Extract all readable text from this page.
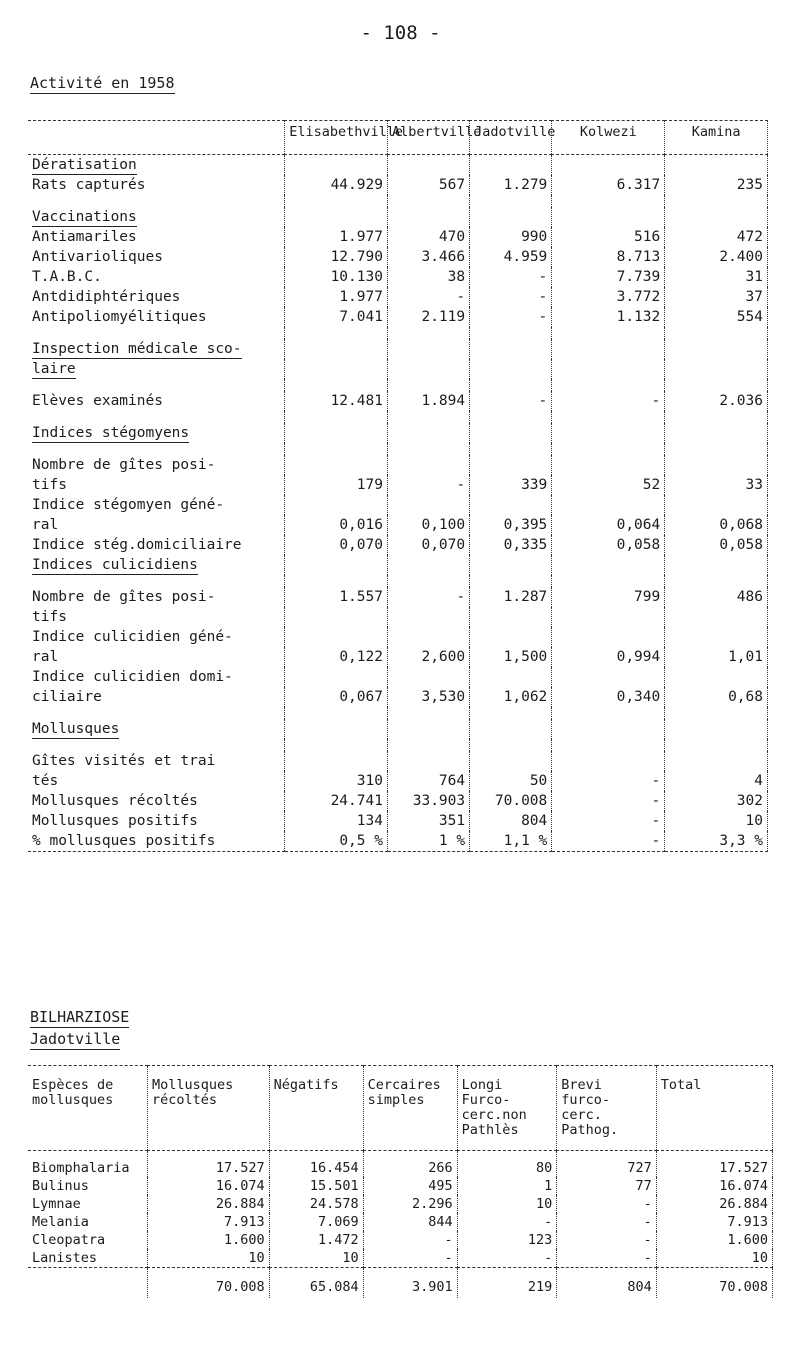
- 108 -
Activité en 1958
	Elisabethville	Albertville	Jadotville	Kolwezi	Kamina
Dératisation					
Rats capturés	44.929	567	1.279	6.317	235

Vaccinations					
Antiamariles	1.977	470	990	516	472
Antivarioliques	12.790	3.466	4.959	8.713	2.400
T.A.B.C.	10.130	38	-	7.739	31
Antdidiphtériques	1.977	-	-	3.772	37
Antipoliomyélitiques	7.041	2.119	-	1.132	554

Inspection médicale sco-					
laire					

Elèves examinés	12.481	1.894	-	-	2.036

Indices stégomyens					

Nombre de gîtes posi-					
tifs	179	-	339	52	33
Indice stégomyen géné-					
ral	0,016	0,100	0,395	0,064	0,068
Indice stég.domiciliaire	0,070	0,070	0,335	0,058	0,058
Indices culicidiens					

Nombre de gîtes posi-	1.557	-	1.287	799	486
tifs					
Indice culicidien géné-					
ral	0,122	2,600	1,500	0,994	1,01
Indice culicidien domi-					
ciliaire	0,067	3,530	1,062	0,340	0,68

Mollusques					

Gîtes visités et trai					
tés	310	764	50	-	4
Mollusques récoltés	24.741	33.903	70.008	-	302
Mollusques positifs	134	351	804	-	10
% mollusques positifs	0,5 %	1 %	1,1 %	-	3,3 %
BILHARZIOSE
Jadotville
Espèces de mollusques	Mollusques récoltés	Négatifs	Cercaires simples	Longi Furco- cerc.non Pathlès	Brevi furco- cerc. Pathog.	Total
Biomphalaria	17.527	16.454	266	80	727	17.527
Bulinus	16.074	15.501	495	1	77	16.074
Lymnae	26.884	24.578	2.296	10	-	26.884
Melania	7.913	7.069	844	-	-	7.913
Cleopatra	1.600	1.472	-	123	-	1.600
Lanistes	10	10	-	-	-	10
	70.008	65.084	3.901	219	804	70.008
